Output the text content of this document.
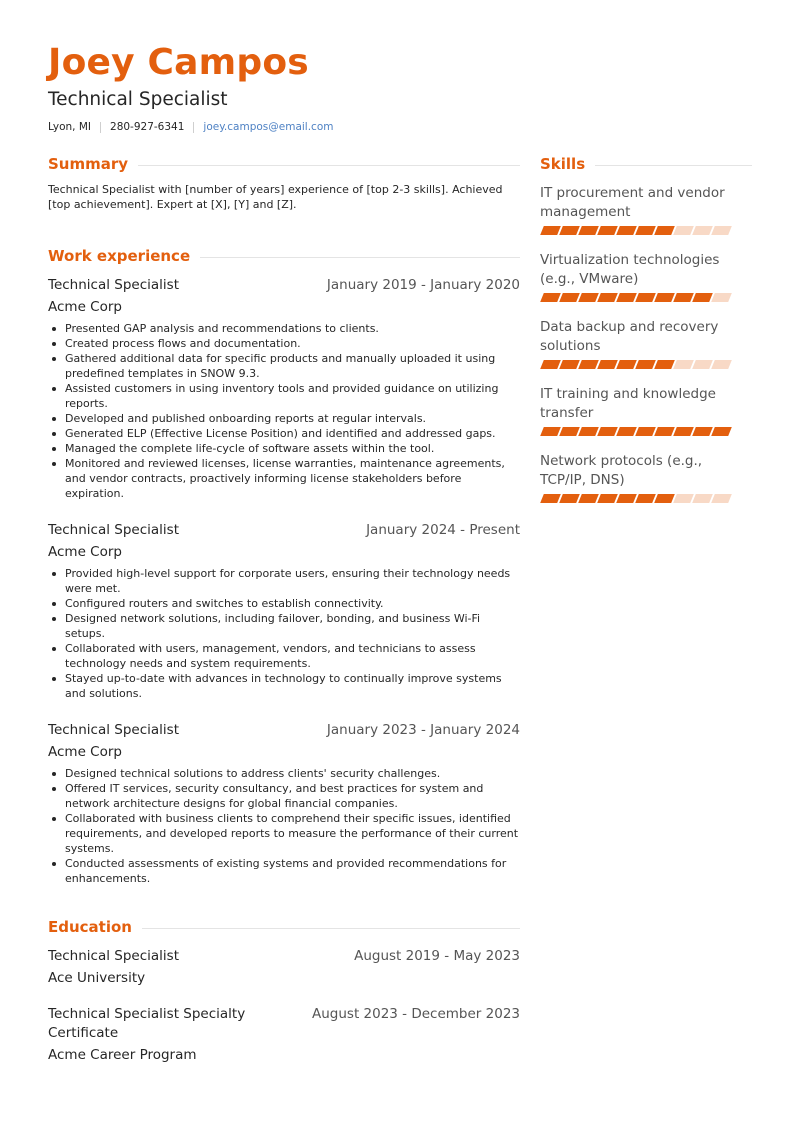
Joey Campos
Technical Specialist
Lyon, MI 280-927-6341 joey.campos@email.com
Summary

Technical Specialist with [number of years] experience of [top 2-3 skills]. Achieved [top achievement]. Expert at [X], [Y] and [Z].

Work experience
Technical Specialist	January 2019 - January 2020
Acme Corp
Presented GAP analysis and recommendations to clients.
Created process flows and documentation.
Gathered additional data for specific products and manually uploaded it using predefined templates in SNOW 9.3.
Assisted customers in using inventory tools and provided guidance on utilizing reports.
Developed and published onboarding reports at regular intervals.
Generated ELP (Effective License Position) and identified and addressed gaps.
Managed the complete life-cycle of software assets within the tool.
Monitored and reviewed licenses, license warranties, maintenance agreements, and vendor contracts, proactively informing license stakeholders before expiration.
Technical Specialist	January 2024 - Present
Acme Corp
Provided high-level support for corporate users, ensuring their technology needs were met.
Configured routers and switches to establish connectivity.
Designed network solutions, including failover, bonding, and business Wi-Fi setups.
Collaborated with users, management, vendors, and technicians to assess technology needs and system requirements.
Stayed up-to-date with advances in technology to continually improve systems and solutions.
Technical Specialist	January 2023 - January 2024
Acme Corp
Designed technical solutions to address clients' security challenges.
Offered IT services, security consultancy, and best practices for system and network architecture designs for global financial companies.
Collaborated with business clients to comprehend their specific issues, identified requirements, and developed reports to measure the performance of their current systems.
Conducted assessments of existing systems and provided recommendations for enhancements.
Education
Technical Specialist	August 2019 - May 2023
Ace University
Technical Specialist Specialty Certificate
August 2023 - December 2023
Acme Career Program
Skills
IT procurement and vendor management
Virtualization technologies (e.g., VMware)
Data backup and recovery solutions
IT training and knowledge transfer
Network protocols (e.g., TCP/IP, DNS)
